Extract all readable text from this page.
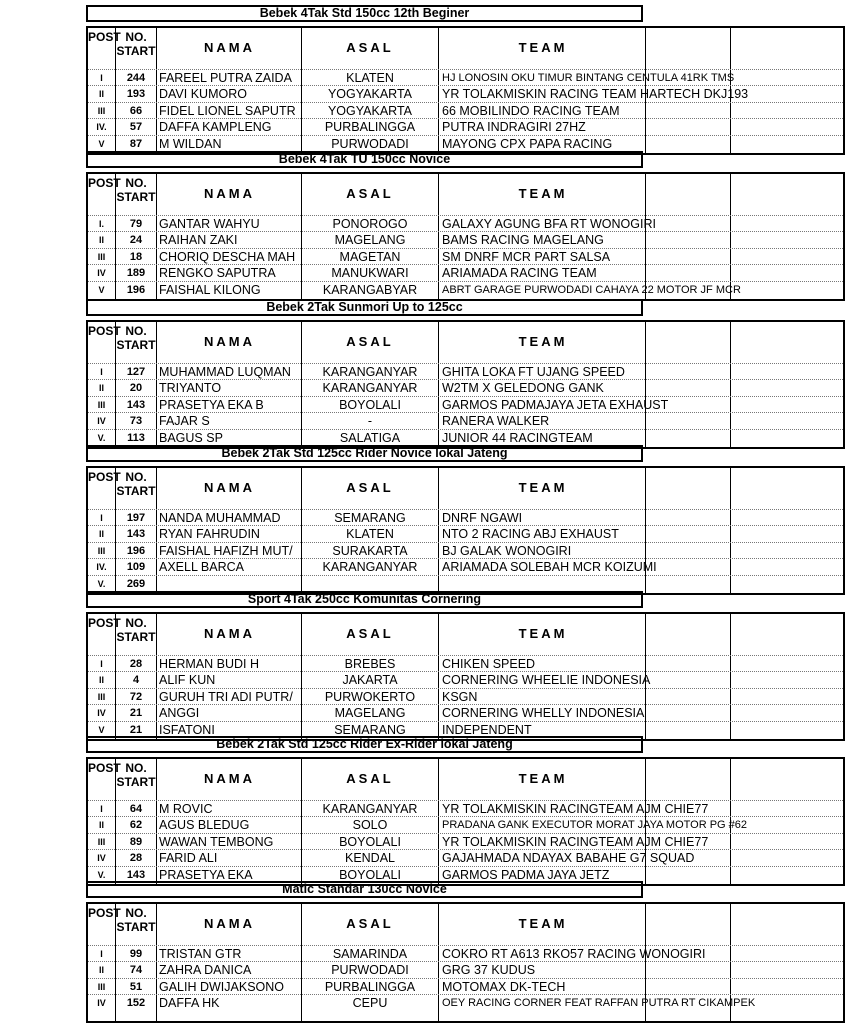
Bebek 4Tak Std 150cc 12th Beginer
POST NO. START	NAMA	ASAL	TEAM
I	244	FAREEL PUTRA ZAIDA	KLATEN	HJ LONOSIN OKU TIMUR BINTANG CENTULA 41RK TMS
II	193	DAVI KUMORO	YOGYAKARTA	YR TOLAKMISKIN RACING TEAM HARTECH DKJ193
III	66	FIDEL LIONEL SAPUTR	YOGYAKARTA	66 MOBILINDO RACING TEAM
IV.	57	DAFFA KAMPLENG	PURBALINGGA	PUTRA INDRAGIRI 27HZ
V	87	M WILDAN	PURWODADI	MAYONG CPX PAPA RACING
Bebek 4Tak TU 150cc Novice
POST NO. START	NAMA	ASAL	TEAM
I.	79	GANTAR WAHYU	PONOROGO	GALAXY AGUNG BFA RT WONOGIRI
II	24	RAIHAN ZAKI	MAGELANG	BAMS RACING MAGELANG
III	18	CHORIQ DESCHA MAH	MAGETAN	SM DNRF MCR PART SALSA
IV	189	RENGKO SAPUTRA	MANUKWARI	ARIAMADA RACING TEAM
V	196	FAISHAL KILONG	KARANGABYAR	ABRT GARAGE PURWODADI CAHAYA 22 MOTOR JF MCR
Bebek 2Tak Sunmori Up to 125cc
POST NO. START	NAMA	ASAL	TEAM
I	127	MUHAMMAD LUQMAN	KARANGANYAR	GHITA LOKA FT UJANG SPEED
II	20	TRIYANTO	KARANGANYAR	W2TM X GELEDONG GANK
III	143	PRASETYA EKA B	BOYOLALI	GARMOS PADMAJAYA JETA EXHAUST
IV	73	FAJAR S	-	RANERA WALKER
V.	113	BAGUS SP	SALATIGA	JUNIOR 44 RACINGTEAM
Bebek 2Tak Std 125cc Rider Novice lokal Jateng
POST NO. START	NAMA	ASAL	TEAM
I	197	NANDA MUHAMMAD	SEMARANG	DNRF NGAWI
II	143	RYAN FAHRUDIN	KLATEN	NTO 2 RACING ABJ EXHAUST
III	196	FAISHAL HAFIZH MUT/	SURAKARTA	BJ GALAK WONOGIRI
IV.	109	AXELL BARCA	KARANGANYAR	ARIAMADA SOLEBAH MCR KOIZUMI
V.	269
Sport 4Tak 250cc Komunitas Cornering
POST NO. START	NAMA	ASAL	TEAM
I	28	HERMAN BUDI H	BREBES	CHIKEN SPEED
II	4	ALIF KUN	JAKARTA	CORNERING WHEELIE INDONESIA
III	72	GURUH TRI ADI PUTR/	PURWOKERTO	KSGN
IV	21	ANGGI	MAGELANG	CORNERING WHELLY INDONESIA
V	21	ISFATONI	SEMARANG	INDEPENDENT
Bebek 2Tak Std 125cc Rider Ex-Rider lokal Jateng
POST NO. START	NAMA	ASAL	TEAM
I	64	M ROVIC	KARANGANYAR	YR TOLAKMISKIN RACINGTEAM AJM CHIE77
II	62	AGUS BLEDUG	SOLO	PRADANA GANK EXECUTOR MORAT JAYA MOTOR PG #62
III	89	WAWAN TEMBONG	BOYOLALI	YR TOLAKMISKIN RACINGTEAM AJM CHIE77
IV	28	FARID ALI	KENDAL	GAJAHMADA NDAYAX BABAHE G7 SQUAD
V.	143	PRASETYA EKA	BOYOLALI	GARMOS PADMA JAYA JETZ
Matic Standar 130cc Novice
POST NO. START	NAMA	ASAL	TEAM
I	99	TRISTAN GTR	SAMARINDA	COKRO RT A613 RKO57 RACING WONOGIRI
II	74	ZAHRA DANICA	PURWODADI	GRG 37 KUDUS
III	51	GALIH DWIJAKSONO	PURBALINGGA	MOTOMAX DK-TECH
IV	152	DAFFA HK	CEPU	OEY RACING CORNER FEAT RAFFAN PUTRA RT CIKAMPEK
